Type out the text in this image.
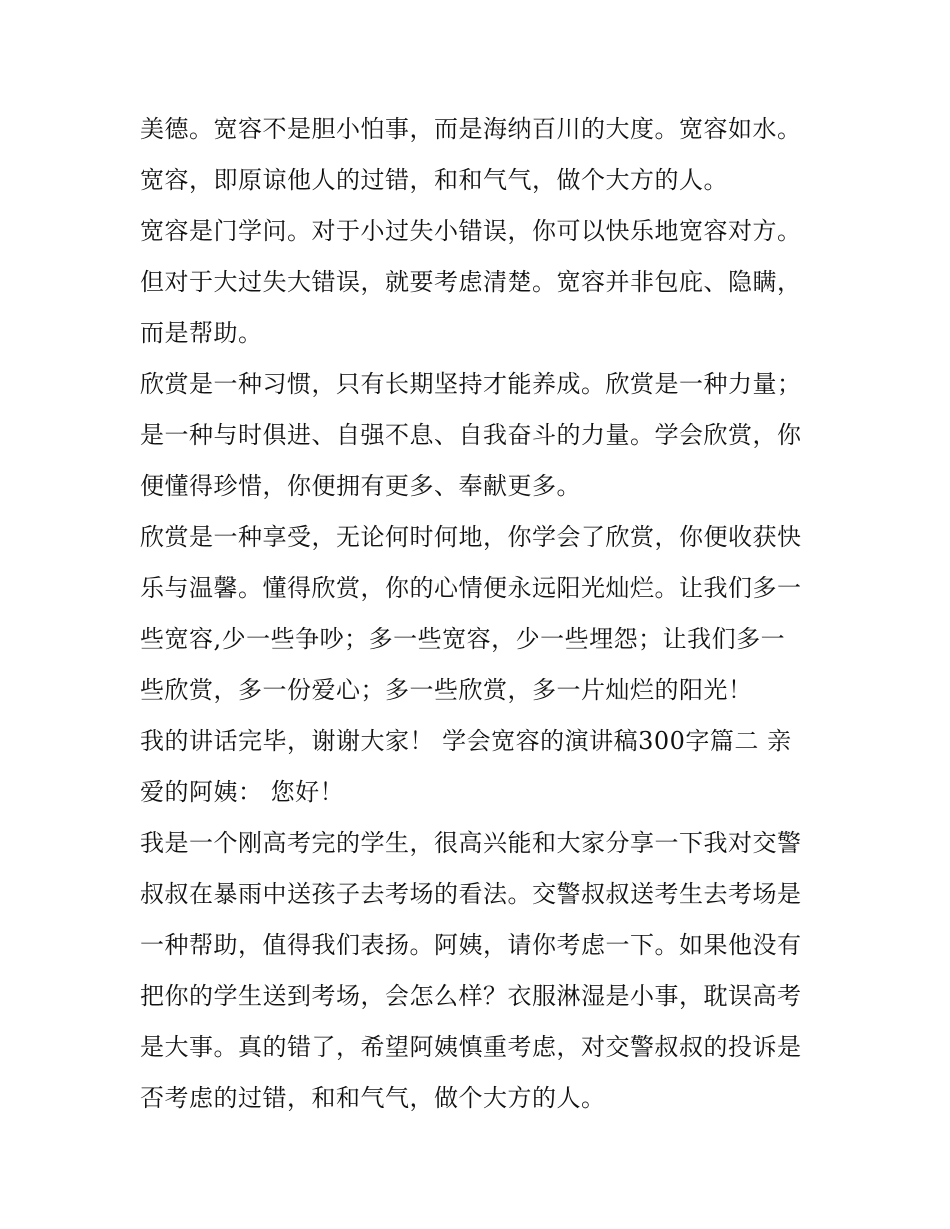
美德。宽容不是胆小怕事，而是海纳百川的大度。宽容如水。

宽容，即原谅他人的过错，和和气气，做个大方的人。

宽容是门学问。对于小过失小错误，你可以快乐地宽容对方。

但对于大过失大错误，就要考虑清楚。宽容并非包庇、隐瞒，

而是帮助。

欣赏是一种习惯，只有长期坚持才能养成。欣赏是一种力量；

是一种与时俱进、自强不息、自我奋斗的力量。学会欣赏，你

便懂得珍惜，你便拥有更多、奉献更多。

欣赏是一种享受，无论何时何地，你学会了欣赏，你便收获快

乐与温馨。懂得欣赏，你的心情便永远阳光灿烂。让我们多一

些宽容,少一些争吵；多一些宽容，少一些埋怨；让我们多一

些欣赏，多一份爱心；多一些欣赏，多一片灿烂的阳光！

我的讲话完毕，谢谢大家！ 学会宽容的演讲稿300字篇二 亲

爱的阿姨： 您好！

我是一个刚高考完的学生，很高兴能和大家分享一下我对交警

叔叔在暴雨中送孩子去考场的看法。交警叔叔送考生去考场是

一种帮助，值得我们表扬。阿姨，请你考虑一下。如果他没有

把你的学生送到考场，会怎么样？衣服淋湿是小事，耽误高考

是大事。真的错了，希望阿姨慎重考虑，对交警叔叔的投诉是

否考虑的过错，和和气气，做个大方的人。
